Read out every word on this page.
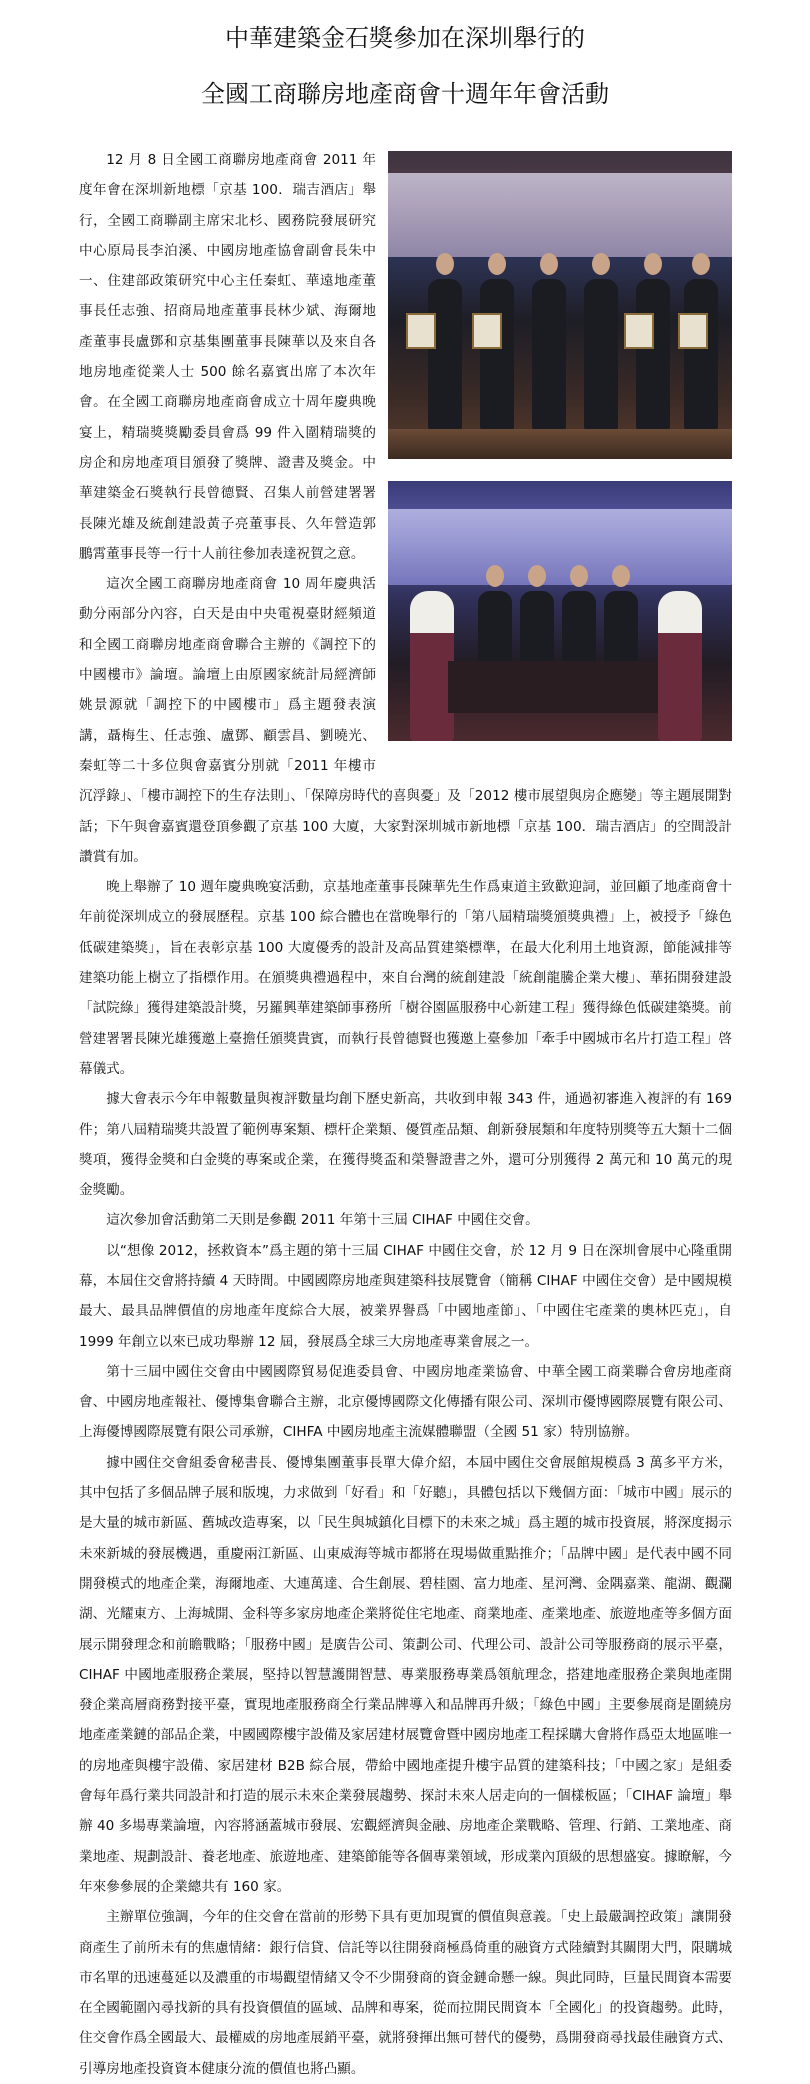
中華建築金石獎參加在深圳舉行的
全國工商聯房地產商會十週年年會活動

12 月 8 日全國工商聯房地產商會 2011 年度年會在深圳新地標「京基 100．瑞吉酒店」舉行，全國工商聯副主席宋北杉、國務院發展研究中心原局長李泊溪、中國房地產協會副會長朱中一、住建部政策研究中心主任秦虹、華遠地產董事長任志強、招商局地產董事長林少斌、海爾地產董事長盧鄧和京基集團董事長陳華以及來自各地房地產從業人士 500 餘名嘉賓出席了本次年會。在全國工商聯房地產商會成立十周年慶典晚宴上，精瑞獎獎勵委員會爲 99 件入圍精瑞獎的房企和房地產項目頒發了獎牌、證書及獎金。中華建築金石獎執行長曾德賢、召集人前營建署署長陳光雄及統創建設黃子亮董事長、久年營造郭鵬霄董事長等一行十人前往參加表達祝賀之意。

這次全國工商聯房地產商會 10 周年慶典活動分兩部分內容，白天是由中央電視臺財經頻道和全國工商聯房地產商會聯合主辦的《調控下的中國樓市》論壇。論壇上由原國家統計局經濟師姚景源就「調控下的中國樓市」爲主題發表演講，聶梅生、任志強、盧鄧、顧雲昌、劉曉光、秦虹等二十多位與會嘉賓分別就「2011 年樓市沉浮錄」、「樓市調控下的生存法則」、「保障房時代的喜與憂」及「2012 樓市展望與房企應變」等主題展開對話；下午與會嘉賓還登頂參觀了京基 100 大廈，大家對深圳城市新地標「京基 100．瑞吉酒店」的空間設計讚賞有加。

晚上舉辦了 10 週年慶典晚宴活動，京基地產董事長陳華先生作爲東道主致歡迎詞，並回顧了地產商會十年前從深圳成立的發展歷程。京基 100 綜合體也在當晚舉行的「第八屆精瑞獎頒獎典禮」上，被授予「綠色低碳建築獎」，旨在表彰京基 100 大廈優秀的設計及高品質建築標準，在最大化利用土地資源，節能減排等建築功能上樹立了指標作用。在頒獎典禮過程中，來自台灣的統創建設「統創龍騰企業大樓」、華拓開發建設「試院綠」獲得建築設計獎，另羅興華建築師事務所「樹谷園區服務中心新建工程」獲得綠色低碳建築獎。前營建署署長陳光雄獲邀上臺擔任頒獎貴賓，而執行長曾德賢也獲邀上臺參加「牽手中國城市名片打造工程」啓幕儀式。

據大會表示今年申報數量與複評數量均創下歷史新高，共收到申報 343 件，通過初審進入複評的有 169 件；第八屆精瑞獎共設置了範例專案類、標杆企業類、優質產品類、創新發展類和年度特別獎等五大類十二個獎項，獲得金獎和白金獎的專案或企業，在獲得獎盃和榮譽證書之外，還可分別獲得 2 萬元和 10 萬元的現金獎勵。

這次參加會活動第二天則是參觀 2011 年第十三屆 CIHAF 中國住交會。

以“想像 2012，拯救資本”爲主題的第十三屆 CIHAF 中國住交會，於 12 月 9 日在深圳會展中心隆重開幕，本屆住交會將持續 4 天時間。中國國際房地產與建築科技展覽會（簡稱 CIHAF 中國住交會）是中國規模最大、最具品牌價值的房地產年度綜合大展，被業界譽爲「中國地產節」、「中國住宅產業的奧林匹克」，自 1999 年創立以來已成功舉辦 12 屆，發展爲全球三大房地產專業會展之一。

第十三屆中國住交會由中國國際貿易促進委員會、中國房地產業協會、中華全國工商業聯合會房地產商會、中國房地產報社、優博集會聯合主辦，北京優博國際文化傳播有限公司、深圳市優博國際展覽有限公司、上海優博國際展覽有限公司承辦，CIHFA 中國房地產主流媒體聯盟（全國 51 家）特別協辦。

據中國住交會組委會秘書長、優博集團董事長單大偉介紹，本屆中國住交會展館規模爲 3 萬多平方米，其中包括了多個品牌子展和版塊，力求做到「好看」和「好聽」，具體包括以下幾個方面：「城市中國」展示的是大量的城市新區、舊城改造專案，以「民生與城鎮化目標下的未來之城」爲主題的城市投資展，將深度揭示未來新城的發展機遇，重慶兩江新區、山東威海等城市都將在現場做重點推介；「品牌中國」是代表中國不同開發模式的地產企業，海爾地產、大連萬達、合生創展、碧桂園、富力地產、星河灣、金隅嘉業、龍湖、觀瀾湖、光耀東方、上海城開、金科等多家房地產企業將從住宅地產、商業地產、產業地產、旅遊地產等多個方面展示開發理念和前瞻戰略；「服務中國」是廣告公司、策劃公司、代理公司、設計公司等服務商的展示平臺，CIHAF 中國地產服務企業展，堅持以智慧護開智慧、專業服務專業爲領航理念，搭建地產服務企業與地產開發企業高層商務對接平臺，實現地產服務商全行業品牌導入和品牌再升級；「綠色中國」主要參展商是圍繞房地產產業鏈的部品企業，中國國際樓宇設備及家居建材展覽會暨中國房地產工程採購大會將作爲亞太地區唯一的房地產與樓宇設備、家居建材 B2B 綜合展，帶給中國地產提升樓宇品質的建築科技；「中國之家」是組委會每年爲行業共同設計和打造的展示未來企業發展趨勢、探討未來人居走向的一個樣板區；「CIHAF 論壇」舉辦 40 多場專業論壇，內容將涵蓋城市發展、宏觀經濟與金融、房地產企業戰略、管理、行銷、工業地產、商業地產、規劃設計、養老地產、旅遊地產、建築節能等各個專業領域，形成業內頂級的思想盛宴。據瞭解，今年來參參展的企業總共有 160 家。

主辦單位強調，今年的住交會在當前的形勢下具有更加現實的價值與意義。「史上最嚴調控政策」讓開發商產生了前所未有的焦慮情緒：銀行信貸、信託等以往開發商極爲倚重的融資方式陸續對其關閉大門，限購城市名單的迅速蔓延以及濃重的市場觀望情緒又令不少開發商的資金鏈命懸一線。與此同時，巨量民間資本需要在全國範圍內尋找新的具有投資價值的區域、品牌和專案，從而拉開民間資本「全國化」的投資趨勢。此時，住交會作爲全國最大、最權威的房地產展銷平臺，就將發揮出無可替代的優勢，爲開發商尋找最佳融資方式、引導房地產投資資本健康分流的價值也將凸顯。
